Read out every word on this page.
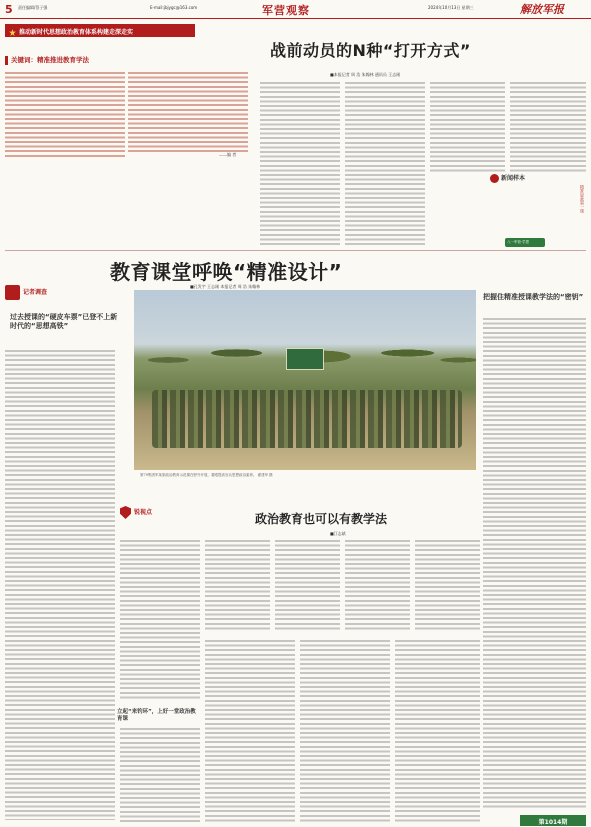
5 责任编辑/蔡子强	E-mail:jbjygc@163.com	军营观察	2024年10月13日 星期三	解放军报
推动新时代思想政治教育体系构建走深走实
关键词：精准推进教育学法
——编 者
战前动员的N种“打开方式”
■本报记者 周 浩 朱翰林 通讯员 王志刚
新闻样本
精准思政第一课
八一军营·学思
教育课堂呼唤“精准设计”
■孔发宇 王志刚 本报记者 周 浩 朱翰林
记者调查
过去授课的“硬皮车票”已登不上新时代的“思想高铁”
第79集团军某旅政治教育示范课在野外开展，着眼提高官兵思想政治素养。 翟建华 摄
把握住精准授课教学法的“密钥”
锐视点	政治教育也可以有教学法
■江志斌
立起“来钓环”，上好一堂政治教育课
第1014期
